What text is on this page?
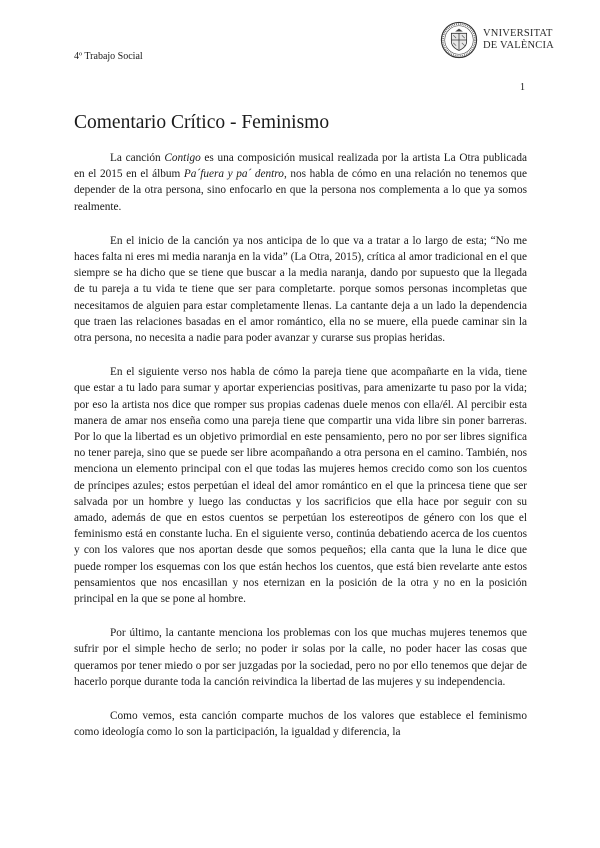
4º Trabajo Social
VNIVERSITAT
DE VALÈNCIA
1
Comentario Crítico - Feminismo

La canción Contigo es una composición musical realizada por la artista La Otra publicada en el 2015 en el álbum Pa´fuera y pa´ dentro, nos habla de cómo en una relación no tenemos que depender de la otra persona, sino enfocarlo en que la persona nos complementa a lo que ya somos realmente.

En el inicio de la canción ya nos anticipa de lo que va a tratar a lo largo de esta; “No me haces falta ni eres mi media naranja en la vida” (La Otra, 2015), crítica al amor tradicional en el que siempre se ha dicho que se tiene que buscar a la media naranja, dando por supuesto que la llegada de tu pareja a tu vida te tiene que ser para completarte. porque somos personas incompletas que necesitamos de alguien para estar completamente llenas. La cantante deja a un lado la dependencia que traen las relaciones basadas en el amor romántico, ella no se muere, ella puede caminar sin la otra persona, no necesita a nadie para poder avanzar y curarse sus propias heridas.

En el siguiente verso nos habla de cómo la pareja tiene que acompañarte en la vida, tiene que estar a tu lado para sumar y aportar experiencias positivas, para amenizarte tu paso por la vida; por eso la artista nos dice que romper sus propias cadenas duele menos con ella/él. Al percibir esta manera de amar nos enseña como una pareja tiene que compartir una vida libre sin poner barreras. Por lo que la libertad es un objetivo primordial en este pensamiento, pero no por ser libres significa no tener pareja, sino que se puede ser libre acompañando a otra persona en el camino. También, nos menciona un elemento principal con el que todas las mujeres hemos crecido como son los cuentos de príncipes azules; estos perpetúan el ideal del amor romántico en el que la princesa tiene que ser salvada por un hombre y luego las conductas y los sacrificios que ella hace por seguir con su amado, además de que en estos cuentos se perpetúan los estereotipos de género con los que el feminismo está en constante lucha. En el siguiente verso, continúa debatiendo acerca de los cuentos y con los valores que nos aportan desde que somos pequeños; ella canta que la luna le dice que puede romper los esquemas con los que están hechos los cuentos, que está bien revelarte ante estos pensamientos que nos encasillan y nos eternizan en la posición de la otra y no en la posición principal en la que se pone al hombre.

Por último, la cantante menciona los problemas con los que muchas mujeres tenemos que sufrir por el simple hecho de serlo; no poder ir solas por la calle, no poder hacer las cosas que queramos por tener miedo o por ser juzgadas por la sociedad, pero no por ello tenemos que dejar de hacerlo porque durante toda la canción reivindica la libertad de las mujeres y su independencia.

Como vemos, esta canción comparte muchos de los valores que establece el feminismo como ideología como lo son la participación, la igualdad y diferencia, la
